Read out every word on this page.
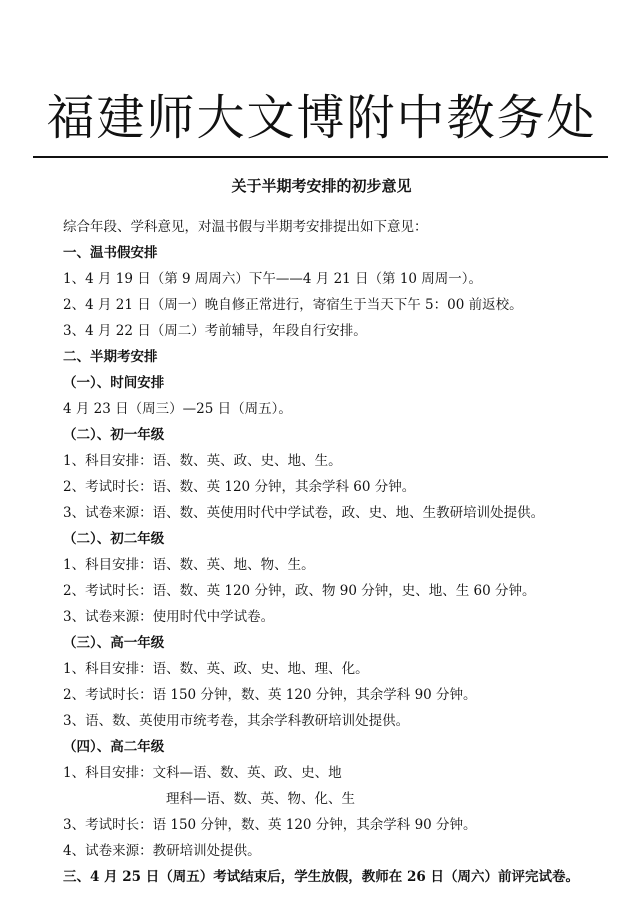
福建师大文博附中教务处
关于半期考安排的初步意见
综合年段、学科意见，对温书假与半期考安排提出如下意见：
一、温书假安排
1、4 月 19 日（第 9 周周六）下午——4 月 21 日（第 10 周周一）。
2、4 月 21 日（周一）晚自修正常进行，寄宿生于当天下午 5：00 前返校。
3、4 月 22 日（周二）考前辅导，年段自行安排。
二、半期考安排
（一）、时间安排
4 月 23 日（周三）—25 日（周五）。
（二）、初一年级
1、科目安排：语、数、英、政、史、地、生。
2、考试时长：语、数、英 120 分钟，其余学科 60 分钟。
3、试卷来源：语、数、英使用时代中学试卷，政、史、地、生教研培训处提供。
（二）、初二年级
1、科目安排：语、数、英、地、物、生。
2、考试时长：语、数、英 120 分钟，政、物 90 分钟，史、地、生 60 分钟。
3、试卷来源：使用时代中学试卷。
（三）、高一年级
1、科目安排：语、数、英、政、史、地、理、化。
2、考试时长：语 150 分钟，数、英 120 分钟，其余学科 90 分钟。
3、语、数、英使用市统考卷，其余学科教研培训处提供。
（四）、高二年级
1、科目安排：文科—语、数、英、政、史、地
理科—语、数、英、物、化、生
3、考试时长：语 150 分钟，数、英 120 分钟，其余学科 90 分钟。
4、试卷来源：教研培训处提供。
三、4 月 25 日（周五）考试结束后，学生放假，教师在 26 日（周六）前评完试卷。
